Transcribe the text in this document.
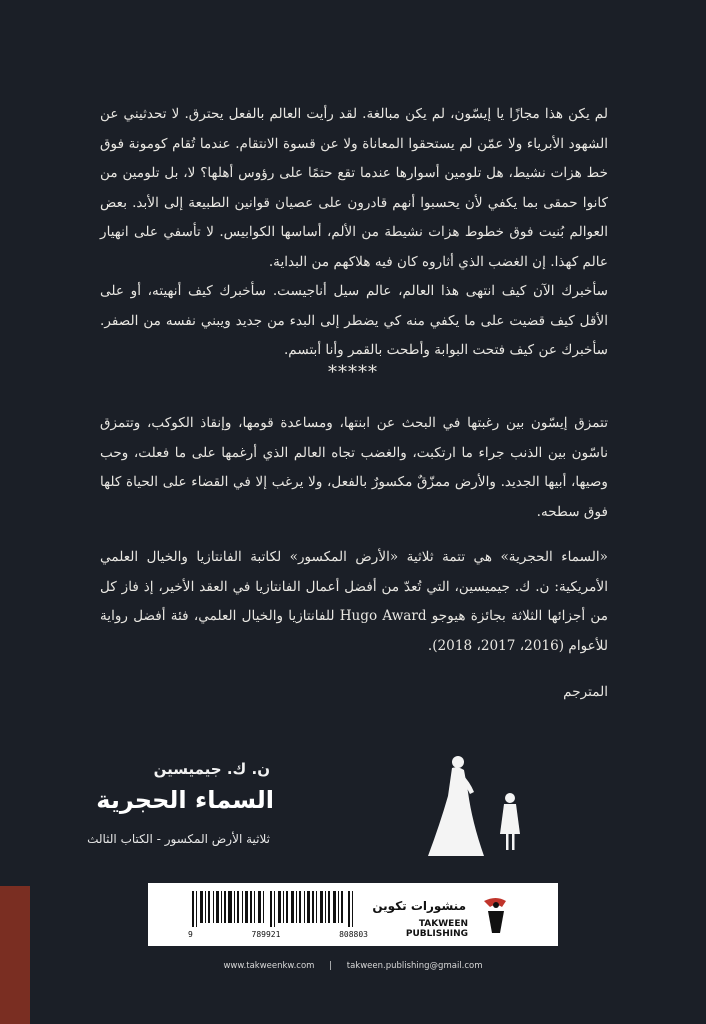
لم يكن هذا مجازًا يا إيسّون، لم يكن مبالغة. لقد رأيت العالم بالفعل يحترق. لا تحدثيني عن الشهود الأبرياء ولا عمّن لم يستحقوا المعاناة ولا عن قسوة الانتقام. عندما تُقام كومونة فوق خط هزات نشيط، هل تلومين أسوارها عندما تقع حتمًا على رؤوس أهلها؟ لا، بل تلومين من كانوا حمقى بما يكفي لأن يحسبوا أنهم قادرون على عصيان قوانين الطبيعة إلى الأبد. بعض العوالم بُنيت فوق خطوط هزات نشيطة من الألم، أساسها الكوابيس. لا تأسفي على انهيار عالم كهذا. إن الغضب الذي أثاروه كان فيه هلاكهم من البداية.

سأخبرك الآن كيف انتهى هذا العالم، عالم سيل أناجيست. سأخبرك كيف أنهيته، أو على الأقل كيف قضيت على ما يكفي منه كي يضطر إلى البدء من جديد ويبني نفسه من الصفر. سأخبرك عن كيف فتحت البوابة وأطحت بالقمر وأنا أبتسم.

*****
تتمزق إيسّون بين رغبتها في البحث عن ابنتها، ومساعدة قومها، وإنقاذ الكوكب، وتتمزق ناسّون بين الذنب جراء ما ارتكبت، والغضب تجاه العالم الذي أرغمها على ما فعلت، وحب وصيها، أبيها الجديد. والأرض ممزّقٌ مكسورٌ بالفعل، ولا يرغب إلا في القضاء على الحياة كلها فوق سطحه.
«السماء الحجرية» هي تتمة ثلاثية «الأرض المكسور» لكاتبة الفانتازيا والخيال العلمي الأمريكية: ن. ك. جيميسين، التي تُعدّ من أفضل أعمال الفانتازيا في العقد الأخير، إذ فاز كل من أجزائها الثلاثة بجائزة هيوجو Hugo Award للفانتازيا والخيال العلمي، فئة أفضل رواية للأعوام (2016، 2017، 2018).
المترجم
ن. ك. جيميسين
السماء الحجرية
ثلاثية الأرض المكسور - الكتاب الثالث
9	789921	808803
منشورات تكوين
TAKWEEN PUBLISHING
www.takweenkw.com | takween.publishing@gmail.com
